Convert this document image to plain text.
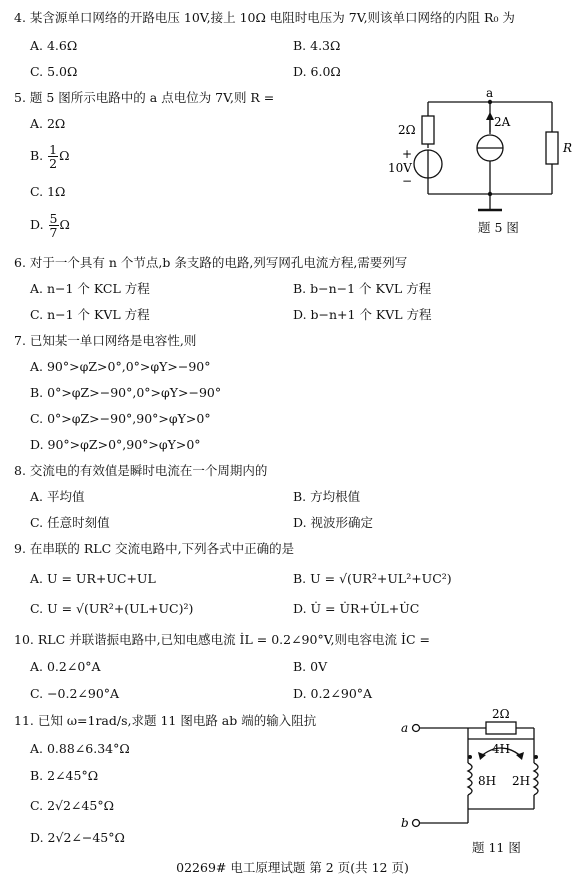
4. 某含源单口网络的开路电压 10V,接上 10Ω 电阻时电压为 7V,则该单口网络的内阻 R₀ 为
A. 4.6Ω	B. 4.3Ω
C. 5.0Ω	D. 6.0Ω
5. 题 5 图所示电路中的 a 点电位为 7V,则 R =
A. 2Ω
B. $\frac{1}{2}$ Ω
C. 1Ω
D. $\frac{5}{7}$ Ω
a
2Ω
2A
+
10V
−
R
题 5 图
6. 对于一个具有 n 个节点,b 条支路的电路,列写网孔电流方程,需要列写
A. n−1 个 KCL 方程	B. b−n−1 个 KVL 方程
C. n−1 个 KVL 方程	D. b−n+1 个 KVL 方程
7. 已知某一单口网络是电容性,则
A. 90°>φZ>0°,0°>φY>−90°
B. 0°>φZ>−90°,0°>φY>−90°
C. 0°>φZ>−90°,90°>φY>0°
D. 90°>φZ>0°,90°>φY>0°
8. 交流电的有效值是瞬时电流在一个周期内的
A. 平均值	B. 方均根值
C. 任意时刻值	D. 视波形确定
9. 在串联的 RLC 交流电路中,下列各式中正确的是
A. U = UR+UC+UL	B. U = √(UR²+UL²+UC²)
C. U = √(UR²+(UL+UC)²)	D. U̇ = U̇R+U̇L+U̇C
10. RLC 并联谐振电路中,已知电感电流 İL = 0.2∠90°V,则电容电流 İC =
A. 0.2∠0°A	B. 0V
C. −0.2∠90°A	D. 0.2∠90°A
11. 已知 ω=1rad/s,求题 11 图电路 ab 端的输入阻抗
A. 0.88∠6.34°Ω
B. 2∠45°Ω
C. 2√2∠45°Ω
D. 2√2∠−45°Ω
a
b
2Ω
4H
8H 2H
题 11 图
02269# 电工原理试题 第 2 页(共 12 页)
